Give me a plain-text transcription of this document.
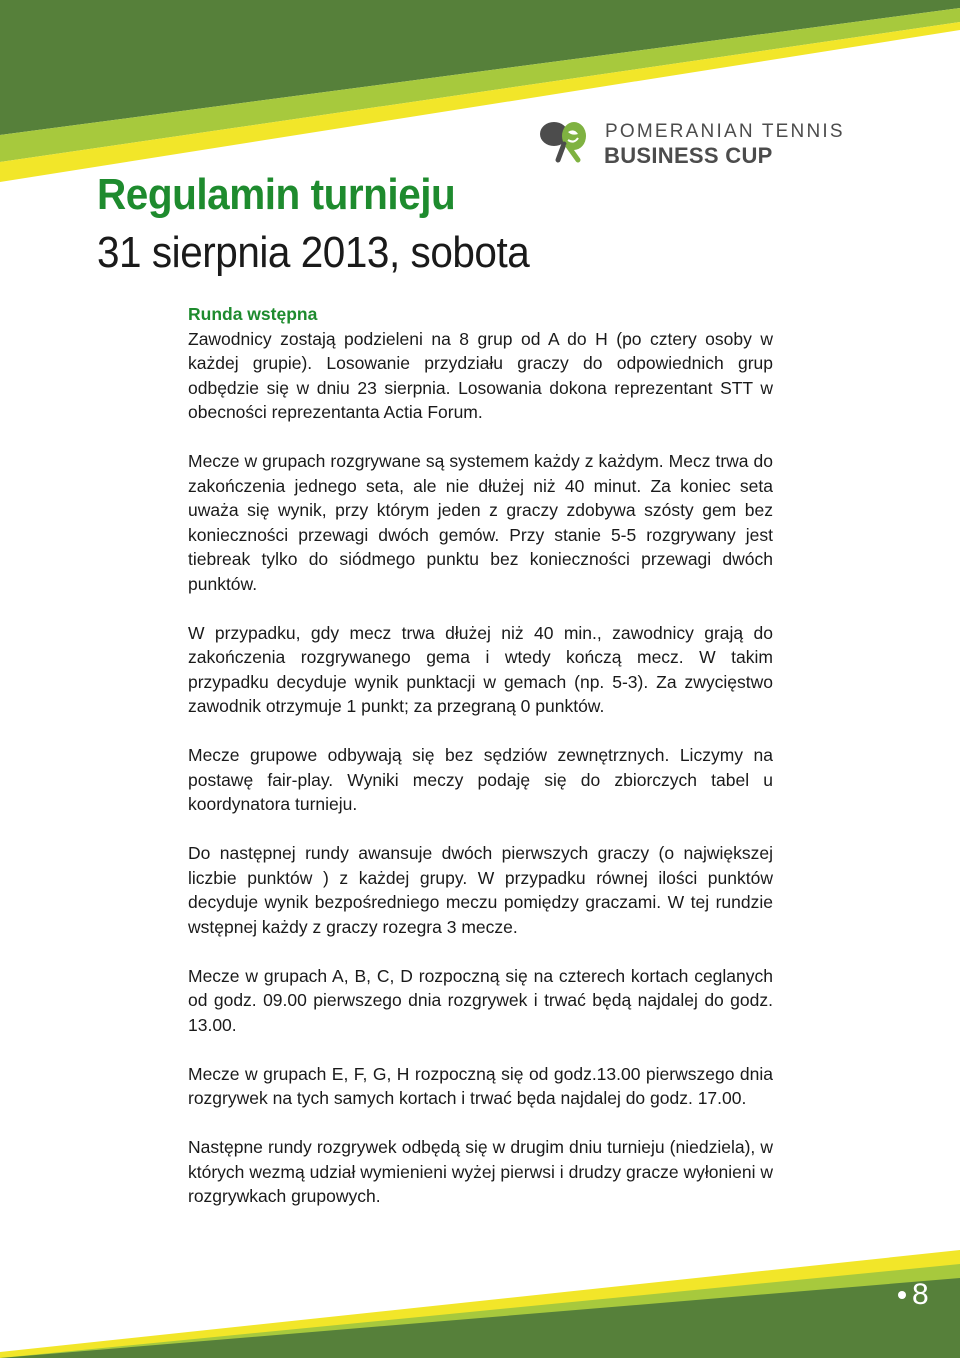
POMERANIAN TENNIS
BUSINESS CUP
Regulamin turnieju
31 sierpnia 2013, sobota
Runda wstępna

Zawodnicy zostają podzieleni na 8 grup od A do H (po cztery osoby w każdej grupie). Losowanie przydziału graczy do odpowiednich grup odbędzie się w dniu 23 sierpnia. Losowania dokona reprezentant STT w obecności reprezentanta Actia Forum.

Mecze w grupach rozgrywane są systemem każdy z każdym. Mecz trwa do zakończenia jednego seta, ale nie dłużej niż 40 minut. Za koniec seta uważa się wynik, przy którym jeden z graczy zdobywa szósty gem bez konieczności przewagi dwóch gemów. Przy stanie 5-5 rozgrywany jest tiebreak tylko do siódmego punktu bez konieczności przewagi dwóch punktów.

W przypadku, gdy mecz trwa dłużej niż 40 min., zawodnicy grają do zakończenia rozgrywanego gema i wtedy kończą mecz. W takim przypadku decyduje wynik punktacji w gemach (np. 5-3). Za zwycięstwo zawodnik otrzymuje 1 punkt; za przegraną 0 punktów.

Mecze grupowe odbywają się bez sędziów zewnętrznych. Liczymy na postawę fair-play. Wyniki meczy podaję się do zbiorczych tabel u koordynatora turnieju.

Do następnej rundy awansuje dwóch pierwszych graczy (o największej liczbie punktów ) z każdej grupy. W przypadku równej ilości punktów decyduje wynik bezpośredniego meczu pomiędzy graczami. W tej rundzie wstępnej każdy z graczy rozegra 3 mecze.

Mecze w grupach A, B, C, D rozpoczną się na czterech kortach ceglanych od godz. 09.00 pierwszego dnia rozgrywek i trwać będą najdalej do godz. 13.00.

Mecze w grupach E, F, G, H rozpoczną się od godz.13.00 pierwszego dnia rozgrywek na tych samych kortach i trwać będa najdalej do godz. 17.00.

Następne rundy rozgrywek odbędą się w drugim dniu turnieju (niedziela), w których wezmą udział wymienieni wyżej pierwsi i drudzy gracze wyłonieni w rozgrywkach grupowych.

8
